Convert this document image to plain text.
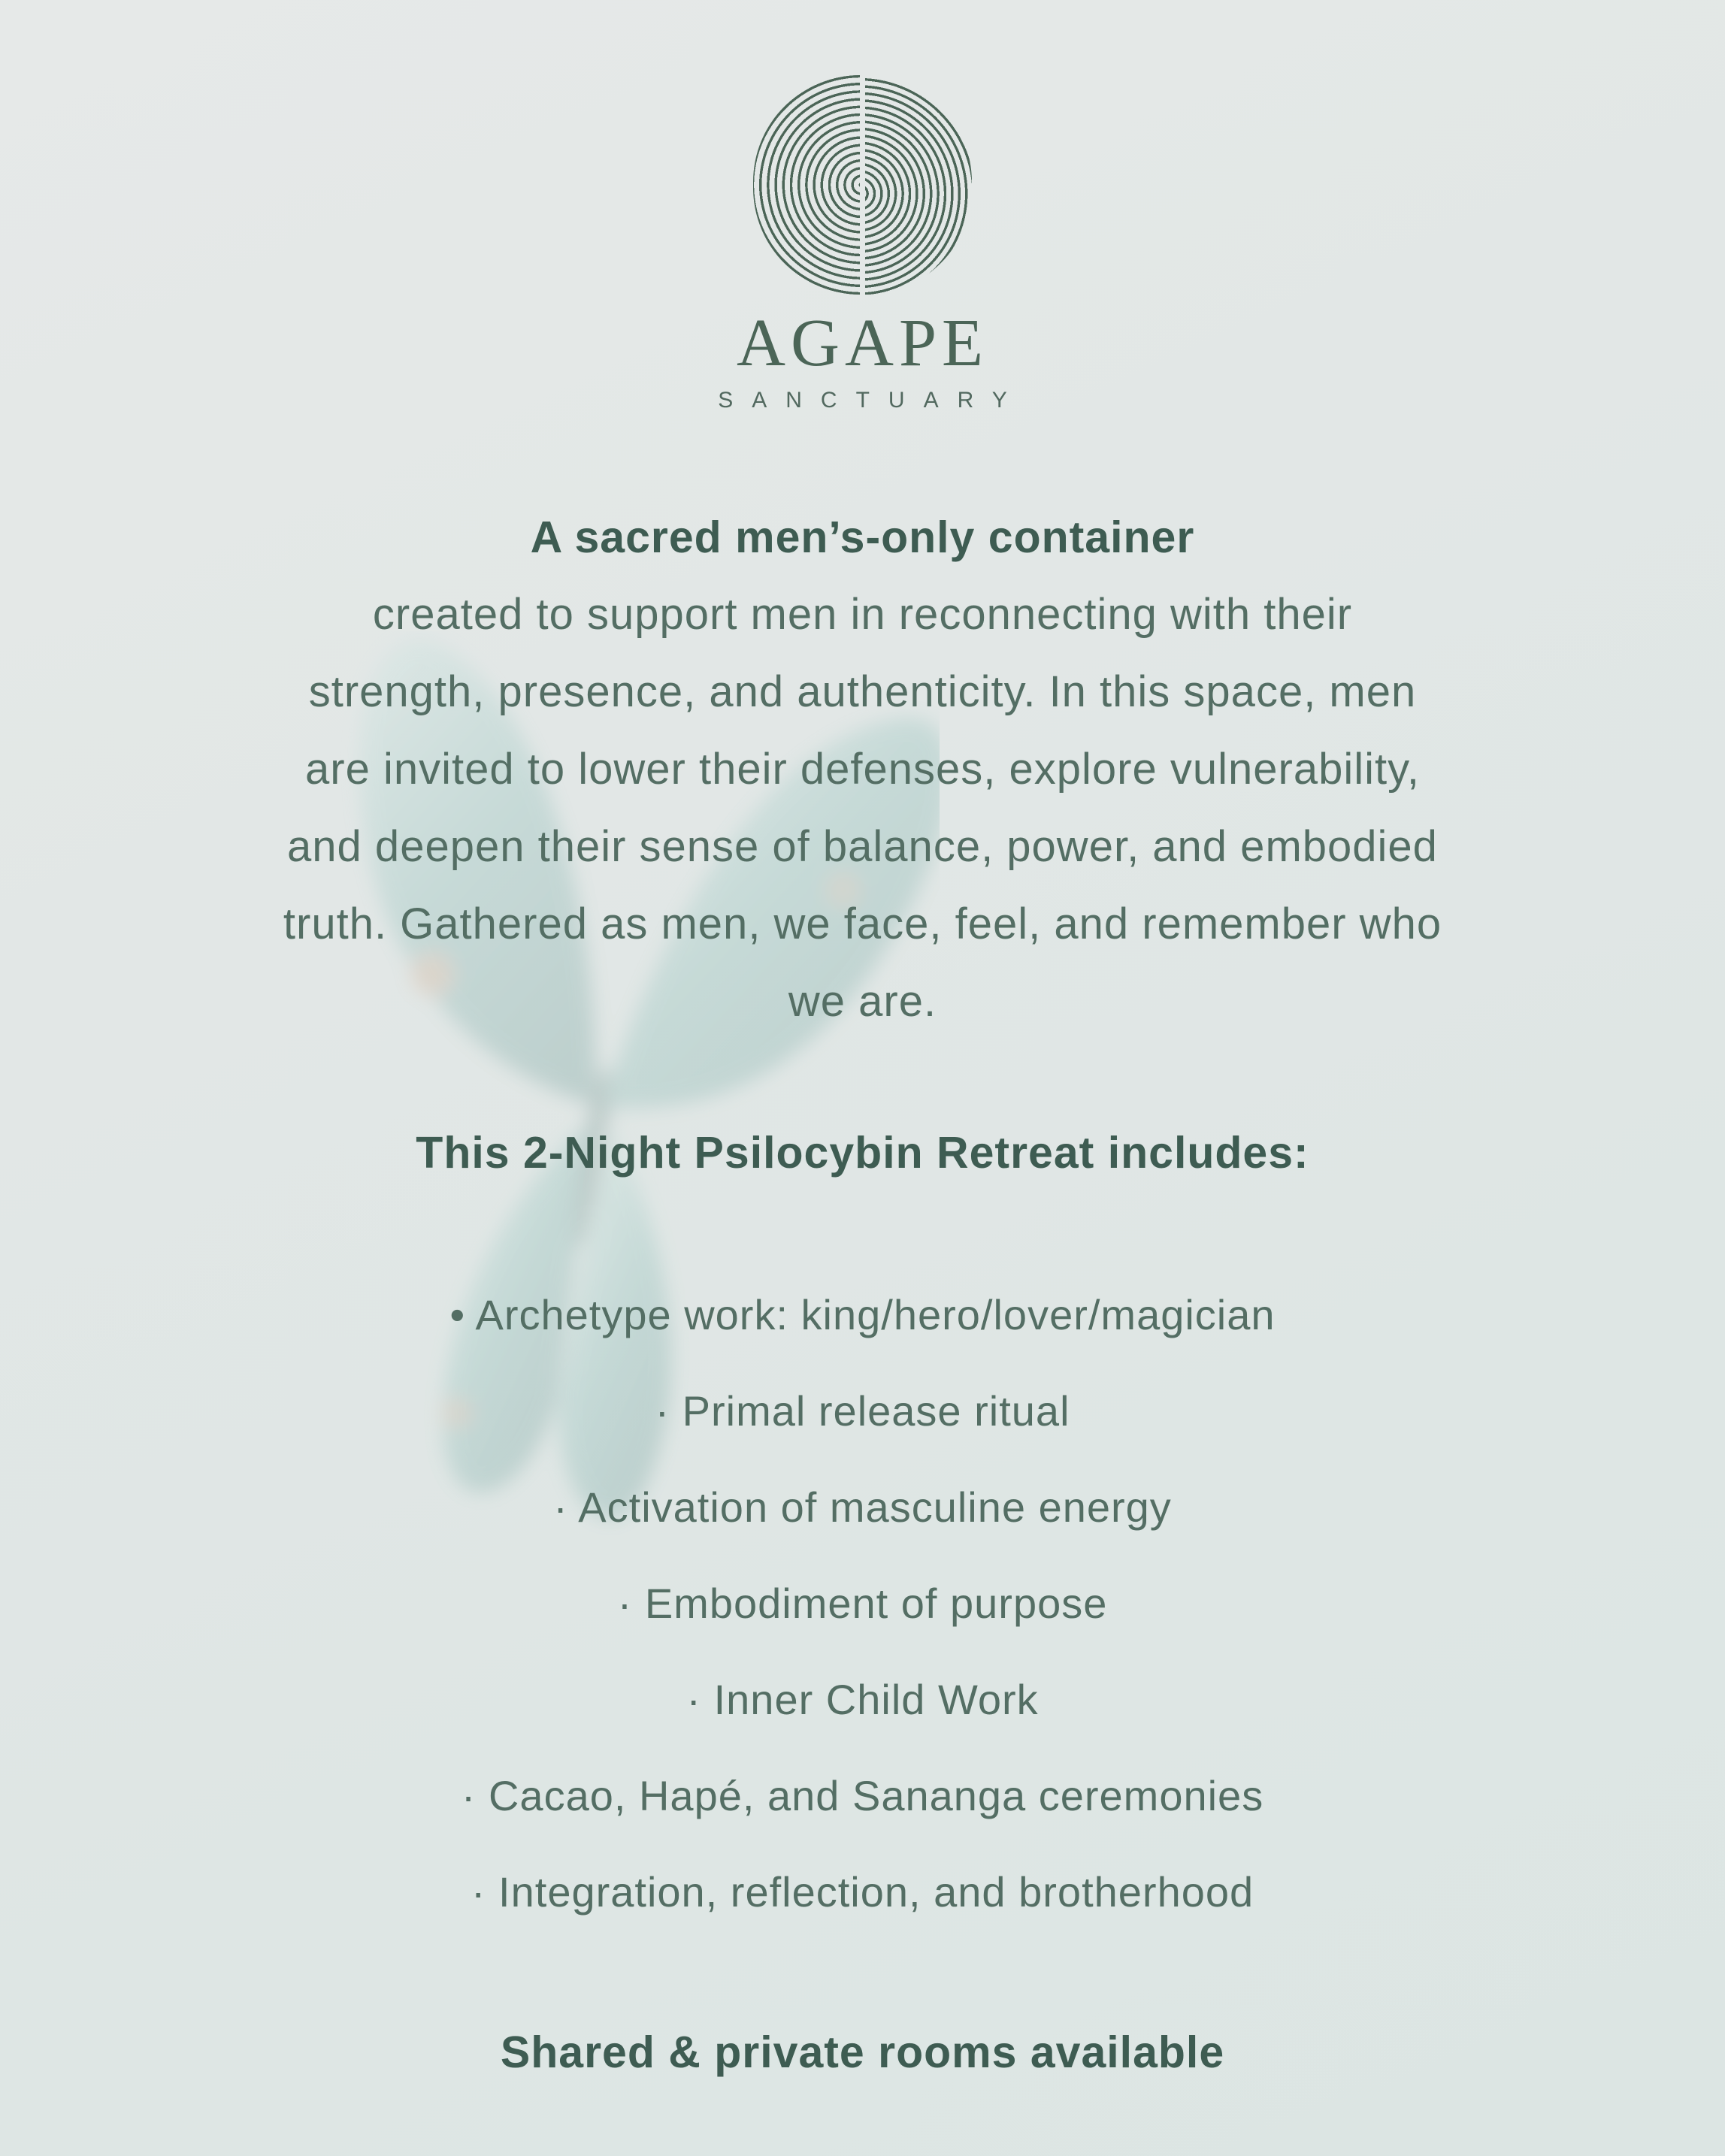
AGAPE
SANCTUARY

A sacred men’s-only container

created to support men in reconnecting with their
strength, presence, and authenticity. In this space, men
are invited to lower their defenses, explore vulnerability,
and deepen their sense of balance, power, and embodied
truth. Gathered as men, we face, feel, and remember who
we are.

This 2-Night Psilocybin Retreat includes:

• Archetype work: king/hero/lover/magician
· Primal release ritual
· Activation of masculine energy
· Embodiment of purpose
· Inner Child Work
· Cacao, Hapé, and Sananga ceremonies
· Integration, reflection, and brotherhood

Shared & private rooms available
